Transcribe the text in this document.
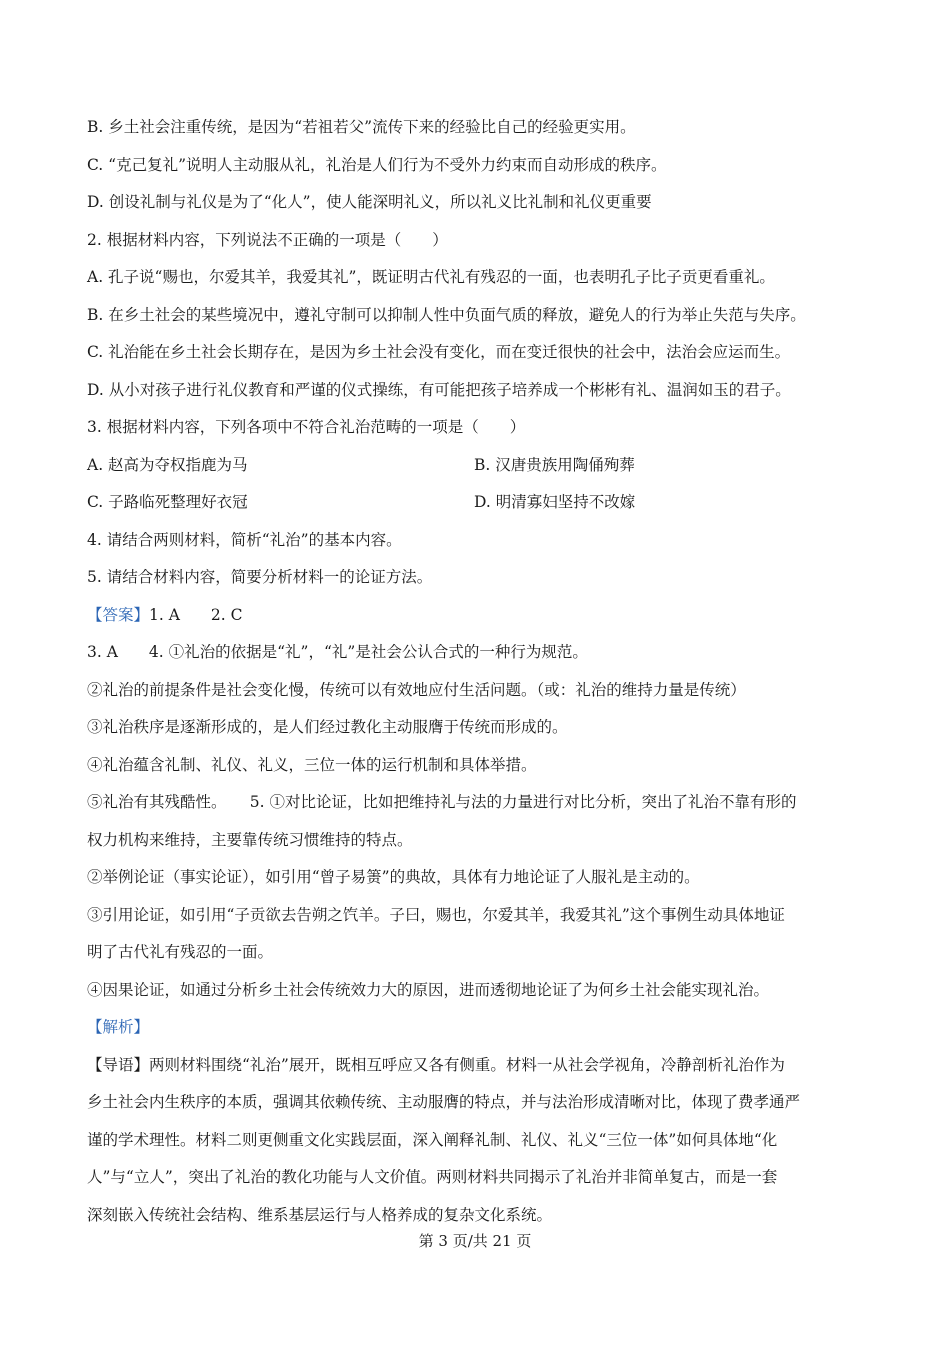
B. 乡土社会注重传统，是因为“若祖若父”流传下来的经验比自己的经验更实用。
C. “克己复礼”说明人主动服从礼，礼治是人们行为不受外力约束而自动形成的秩序。
D. 创设礼制与礼仪是为了“化人”，使人能深明礼义，所以礼义比礼制和礼仪更重要
2. 根据材料内容，下列说法不正确的一项是（　　）
A. 孔子说“赐也，尔爱其羊，我爱其礼”，既证明古代礼有残忍的一面，也表明孔子比子贡更看重礼。
B. 在乡土社会的某些境况中，遵礼守制可以抑制人性中负面气质的释放，避免人的行为举止失范与失序。
C. 礼治能在乡土社会长期存在，是因为乡土社会没有变化，而在变迁很快的社会中，法治会应运而生。
D. 从小对孩子进行礼仪教育和严谨的仪式操练，有可能把孩子培养成一个彬彬有礼、温润如玉的君子。
3. 根据材料内容，下列各项中不符合礼治范畴的一项是（　　）
A. 赵高为夺权指鹿为马	B. 汉唐贵族用陶俑殉葬
C. 子路临死整理好衣冠	D. 明清寡妇坚持不改嫁
4. 请结合两则材料，简析“礼治”的基本内容。
5. 请结合材料内容，简要分析材料一的论证方法。
【答案】1. A　　2. C
3. A　　4. ①礼治的依据是“礼”，“礼”是社会公认合式的一种行为规范。
②礼治的前提条件是社会变化慢，传统可以有效地应付生活问题。（或：礼治的维持力量是传统）
③礼治秩序是逐渐形成的，是人们经过教化主动服膺于传统而形成的。
④礼治蕴含礼制、礼仪、礼义，三位一体的运行机制和具体举措。
⑤礼治有其残酷性。　　5. ①对比论证，比如把维持礼与法的力量进行对比分析，突出了礼治不靠有形的
权力机构来维持，主要靠传统习惯维持的特点。
②举例论证（事实论证），如引用“曾子易箦”的典故，具体有力地论证了人服礼是主动的。
③引用论证，如引用“子贡欲去告朔之饩羊。子曰，赐也，尔爱其羊，我爱其礼”这个事例生动具体地证
明了古代礼有残忍的一面。
④因果论证，如通过分析乡土社会传统效力大的原因，进而透彻地论证了为何乡土社会能实现礼治。
【解析】
【导语】两则材料围绕“礼治”展开，既相互呼应又各有侧重。材料一从社会学视角，冷静剖析礼治作为
乡土社会内生秩序的本质，强调其依赖传统、主动服膺的特点，并与法治形成清晰对比，体现了费孝通严
谨的学术理性。材料二则更侧重文化实践层面，深入阐释礼制、礼仪、礼义“三位一体”如何具体地“化
人”与“立人”，突出了礼治的教化功能与人文价值。两则材料共同揭示了礼治并非简单复古，而是一套
深刻嵌入传统社会结构、维系基层运行与人格养成的复杂文化系统。
第 3 页/共 21 页
